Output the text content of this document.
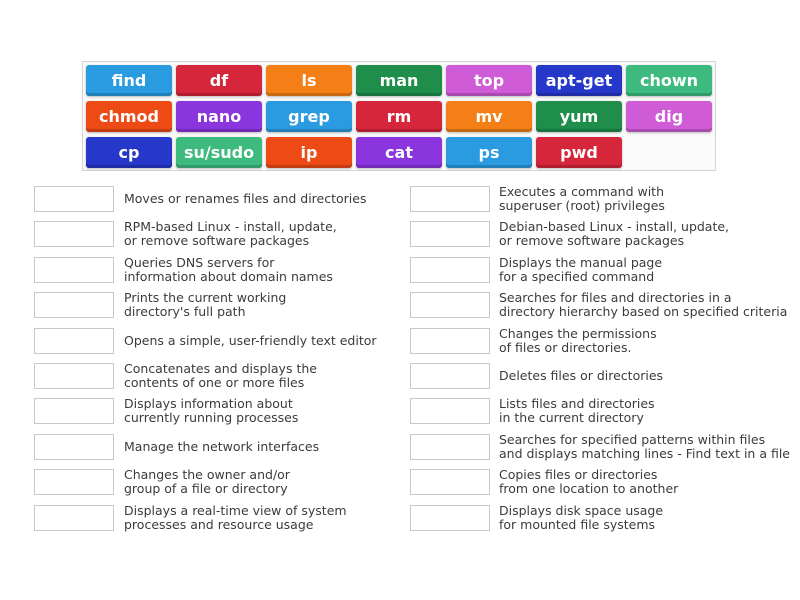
find	df	ls	man	top	apt-get	chown
chmod	nano	grep	rm	mv	yum	dig
cp	su/sudo	ip	cat	ps	pwd
Moves or renames files and directories
RPM-based Linux - install, update,
or remove software packages
Queries DNS servers for
information about domain names
Prints the current working
directory's full path
Opens a simple, user-friendly text editor
Concatenates and displays the
contents of one or more files
Displays information about
currently running processes
Manage the network interfaces
Changes the owner and/or
group of a file or directory
Displays a real-time view of system
processes and resource usage
Executes a command with
superuser (root) privileges
Debian-based Linux - install, update,
or remove software packages
Displays the manual page
for a specified command
Searches for files and directories in a
directory hierarchy based on specified criteria
Changes the permissions
of files or directories.
Deletes files or directories
Lists files and directories
in the current directory
Searches for specified patterns within files
and displays matching lines - Find text in a file
Copies files or directories
from one location to another
Displays disk space usage
for mounted file systems
